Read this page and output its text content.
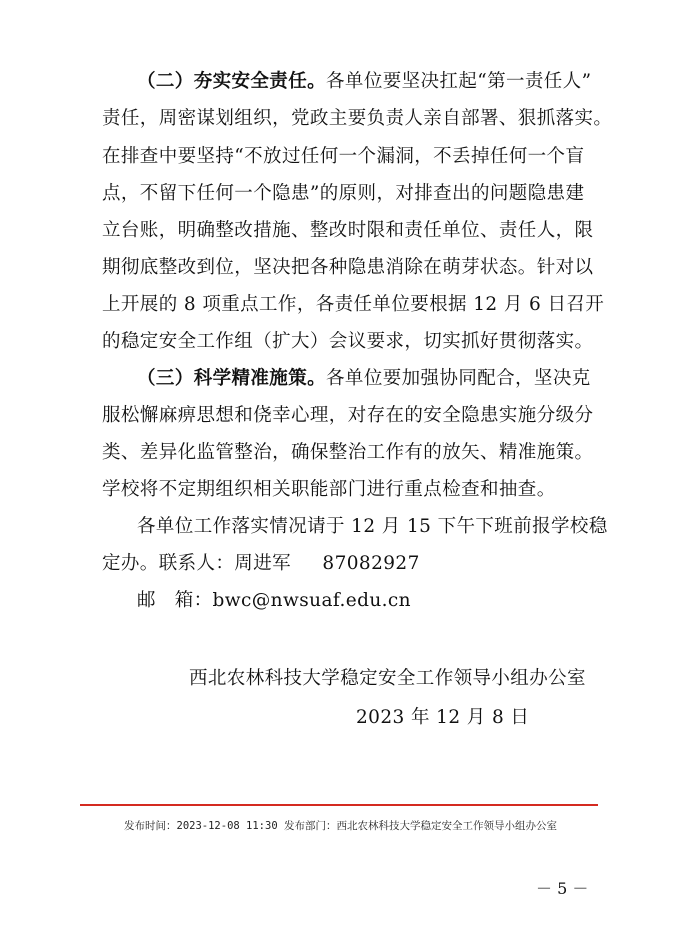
（二）夯实安全责任。各单位要坚决扛起“第一责任人”
责任，周密谋划组织，党政主要负责人亲自部署、狠抓落实。
在排查中要坚持“不放过任何一个漏洞，不丢掉任何一个盲
点，不留下任何一个隐患”的原则，对排查出的问题隐患建
立台账，明确整改措施、整改时限和责任单位、责任人，限
期彻底整改到位，坚决把各种隐患消除在萌芽状态。针对以
上开展的 8 项重点工作，各责任单位要根据 12 月 6 日召开
的稳定安全工作组（扩大）会议要求，切实抓好贯彻落实。
（三）科学精准施策。各单位要加强协同配合，坚决克
服松懈麻痹思想和侥幸心理，对存在的安全隐患实施分级分
类、差异化监管整治，确保整治工作有的放矢、精准施策。
学校将不定期组织相关职能部门进行重点检查和抽查。
各单位工作落实情况请于 12 月 15 下午下班前报学校稳
定办。联系人：周进军     87082927
邮   箱：bwc@nwsuaf.edu.cn
西北农林科技大学稳定安全工作领导小组办公室
2023 年 12 月 8 日
发布时间：2023-12-08 11:30 发布部门：西北农林科技大学稳定安全工作领导小组办公室
－ 5 －
